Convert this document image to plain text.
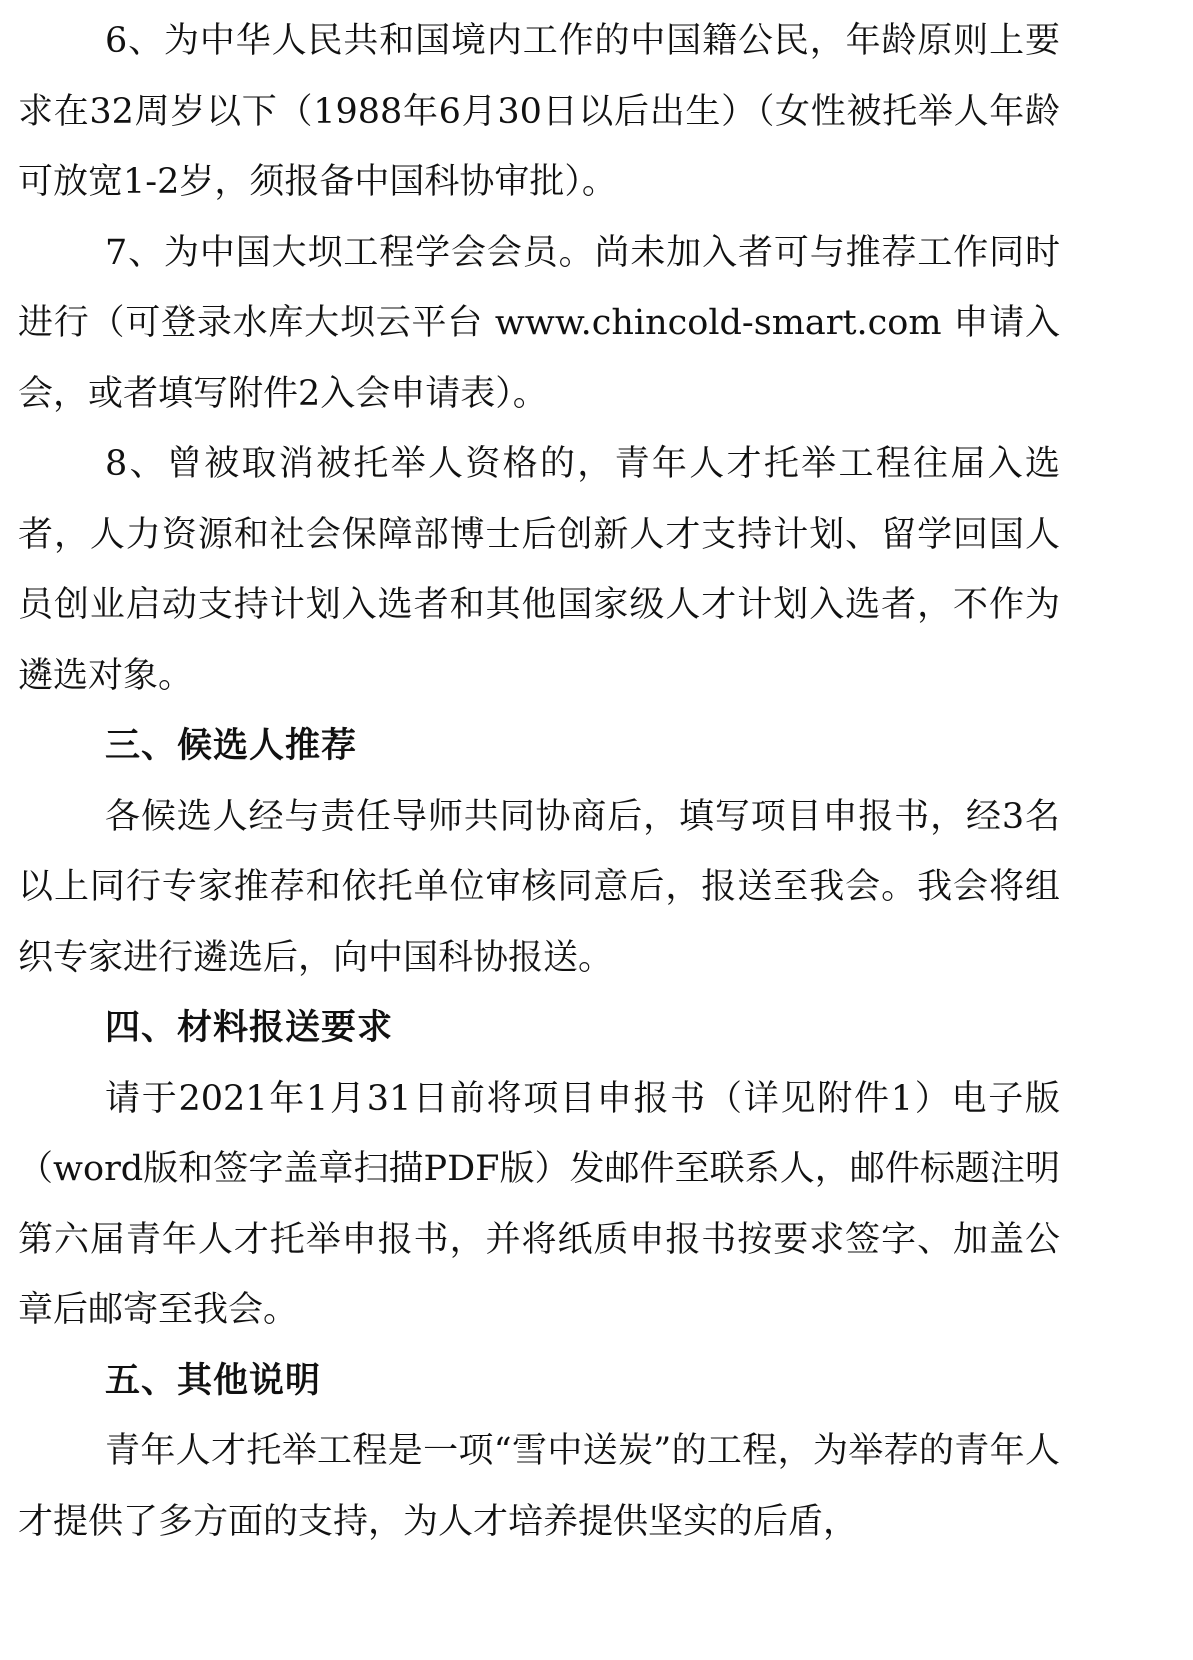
6、为中华人民共和国境内工作的中国籍公民，年龄原则上要求在32周岁以下（1988年6月30日以后出生）（女性被托举人年龄可放宽1-2岁，须报备中国科协审批）。

7、为中国大坝工程学会会员。尚未加入者可与推荐工作同时进行（可登录水库大坝云平台 www.chincold-smart.com 申请入会，或者填写附件2入会申请表）。

8、曾被取消被托举人资格的，青年人才托举工程往届入选者，人力资源和社会保障部博士后创新人才支持计划、留学回国人员创业启动支持计划入选者和其他国家级人才计划入选者，不作为遴选对象。

三、候选人推荐

各候选人经与责任导师共同协商后，填写项目申报书，经3名以上同行专家推荐和依托单位审核同意后，报送至我会。我会将组织专家进行遴选后，向中国科协报送。

四、材料报送要求

请于2021年1月31日前将项目申报书（详见附件1）电子版（word版和签字盖章扫描PDF版）发邮件至联系人，邮件标题注明第六届青年人才托举申报书，并将纸质申报书按要求签字、加盖公章后邮寄至我会。

五、其他说明

青年人才托举工程是一项“雪中送炭”的工程，为举荐的青年人才提供了多方面的支持，为人才培养提供坚实的后盾，
